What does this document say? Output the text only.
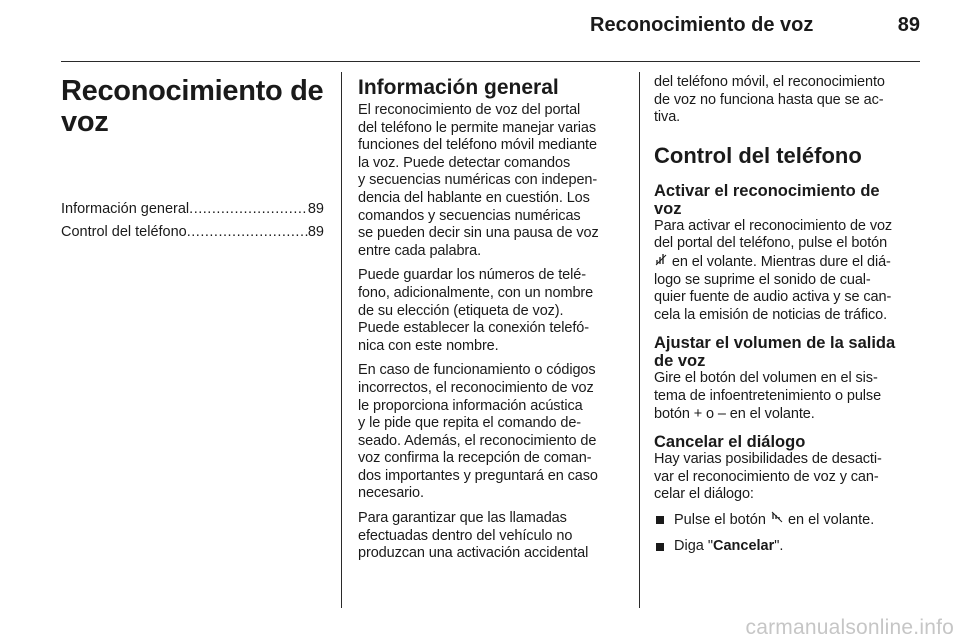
Reconocimiento de voz	89
Reconocimiento de
voz
Información general .....	89
Control del teléfono .....	89
Información general

El reconocimiento de voz del portal
del teléfono le permite manejar varias
funciones del teléfono móvil mediante
la voz. Puede detectar comandos
y secuencias numéricas con indepen-
dencia del hablante en cuestión. Los
comandos y secuencias numéricas
se pueden decir sin una pausa de voz
entre cada palabra.

Puede guardar los números de telé-
fono, adicionalmente, con un nombre
de su elección (etiqueta de voz).
Puede establecer la conexión telefó-
nica con este nombre.

En caso de funcionamiento o códigos
incorrectos, el reconocimiento de voz
le proporciona información acústica
y le pide que repita el comando de-
seado. Además, el reconocimiento de
voz confirma la recepción de coman-
dos importantes y preguntará en caso
necesario.

Para garantizar que las llamadas
efectuadas dentro del vehículo no
produzcan una activación accidental

del teléfono móvil, el reconocimiento
de voz no funciona hasta que se ac-
tiva.

Control del teléfono
Activar el reconocimiento de
voz

Para activar el reconocimiento de voz
del portal del teléfono, pulse el botón
en el volante. Mientras dure el diá-
logo se suprime el sonido de cual-
quier fuente de audio activa y se can-
cela la emisión de noticias de tráfico.

Ajustar el volumen de la salida
de voz

Gire el botón del volumen en el sis-
tema de infoentretenimiento o pulse
botón + o – en el volante.

Cancelar el diálogo

Hay varias posibilidades de desacti-
var el reconocimiento de voz y can-
celar el diálogo:

Pulse el botón  en el volante.
Diga "Cancelar".
carmanualsonline.info
